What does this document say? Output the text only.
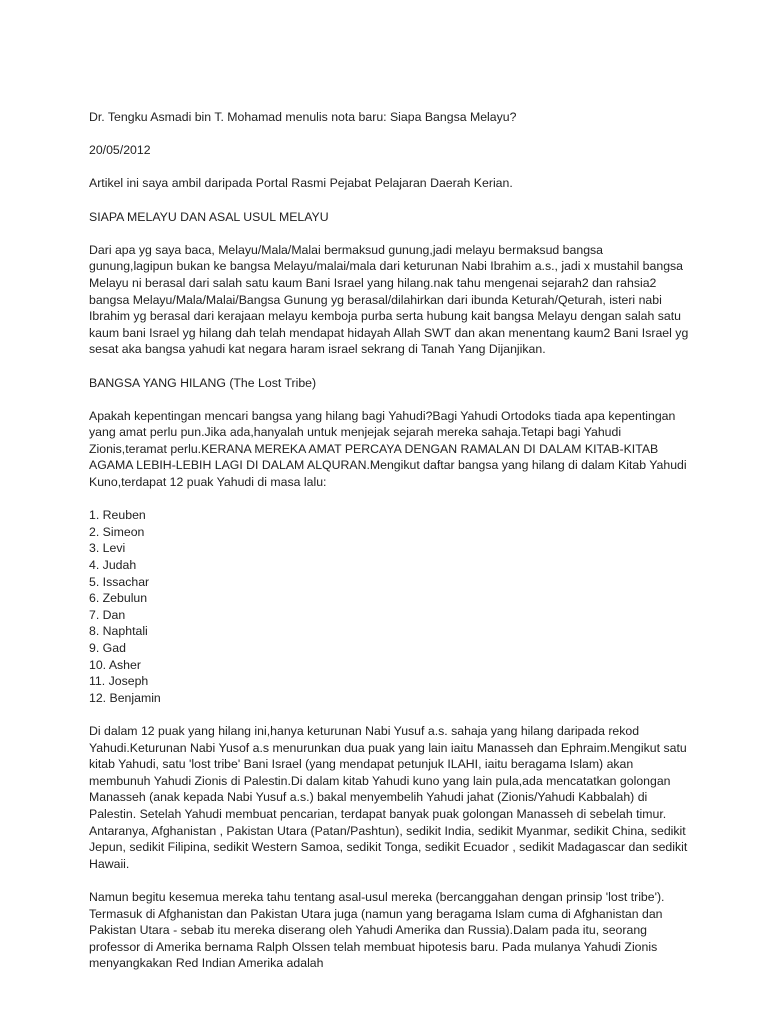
Dr. Tengku Asmadi bin T. Mohamad menulis nota baru: Siapa Bangsa Melayu?

20/05/2012

Artikel ini saya ambil daripada Portal Rasmi Pejabat Pelajaran Daerah Kerian.

SIAPA MELAYU DAN ASAL USUL MELAYU

Dari apa yg saya baca, Melayu/Mala/Malai bermaksud gunung,jadi melayu bermaksud bangsa gunung,lagipun bukan ke bangsa Melayu/malai/mala dari keturunan Nabi Ibrahim a.s., jadi x mustahil bangsa Melayu ni berasal dari salah satu kaum Bani Israel yang hilang.nak tahu mengenai sejarah2 dan rahsia2 bangsa Melayu/Mala/Malai/Bangsa Gunung yg berasal/dilahirkan dari ibunda Keturah/Qeturah, isteri nabi Ibrahim yg berasal dari kerajaan melayu kemboja purba serta hubung kait bangsa Melayu dengan salah satu kaum bani Israel yg hilang dah telah mendapat hidayah Allah SWT dan akan menentang kaum2 Bani Israel yg sesat aka bangsa yahudi kat negara haram israel sekrang di Tanah Yang Dijanjikan.

BANGSA YANG HILANG (The Lost Tribe)

Apakah kepentingan mencari bangsa yang hilang bagi Yahudi?Bagi Yahudi Ortodoks tiada apa kepentingan yang amat perlu pun.Jika ada,hanyalah untuk menjejak sejarah mereka sahaja.Tetapi bagi Yahudi Zionis,teramat perlu.KERANA MEREKA AMAT PERCAYA DENGAN RAMALAN DI DALAM KITAB-KITAB AGAMA LEBIH-LEBIH LAGI DI DALAM ALQURAN.Mengikut daftar bangsa yang hilang di dalam Kitab Yahudi Kuno,terdapat 12 puak Yahudi di masa lalu:

1. Reuben
2. Simeon
3. Levi
4. Judah
5. Issachar
6. Zebulun
7. Dan
8. Naphtali
9. Gad
10. Asher
11. Joseph
12. Benjamin

Di dalam 12 puak yang hilang ini,hanya keturunan Nabi Yusuf a.s. sahaja yang hilang daripada rekod Yahudi.Keturunan Nabi Yusof a.s menurunkan dua puak yang lain iaitu Manasseh dan Ephraim.Mengikut satu kitab Yahudi, satu 'lost tribe' Bani Israel (yang mendapat petunjuk ILAHI, iaitu beragama Islam) akan membunuh Yahudi Zionis di Palestin.Di dalam kitab Yahudi kuno yang lain pula,ada mencatatkan golongan Manasseh (anak kepada Nabi Yusuf a.s.) bakal menyembelih Yahudi jahat (Zionis/Yahudi Kabbalah) di Palestin. Setelah Yahudi membuat pencarian, terdapat banyak puak golongan Manasseh di sebelah timur. Antaranya, Afghanistan , Pakistan Utara (Patan/Pashtun), sedikit India, sedikit Myanmar, sedikit China, sedikit Jepun, sedikit Filipina, sedikit Western Samoa, sedikit Tonga, sedikit Ecuador , sedikit Madagascar dan sedikit Hawaii.

Namun begitu kesemua mereka tahu tentang asal-usul mereka (bercanggahan dengan prinsip 'lost tribe'). Termasuk di Afghanistan dan Pakistan Utara juga (namun yang beragama Islam cuma di Afghanistan dan Pakistan Utara - sebab itu mereka diserang oleh Yahudi Amerika dan Russia).Dalam pada itu, seorang professor di Amerika bernama Ralph Olssen telah membuat hipotesis baru. Pada mulanya Yahudi Zionis menyangkakan Red Indian Amerika adalah
